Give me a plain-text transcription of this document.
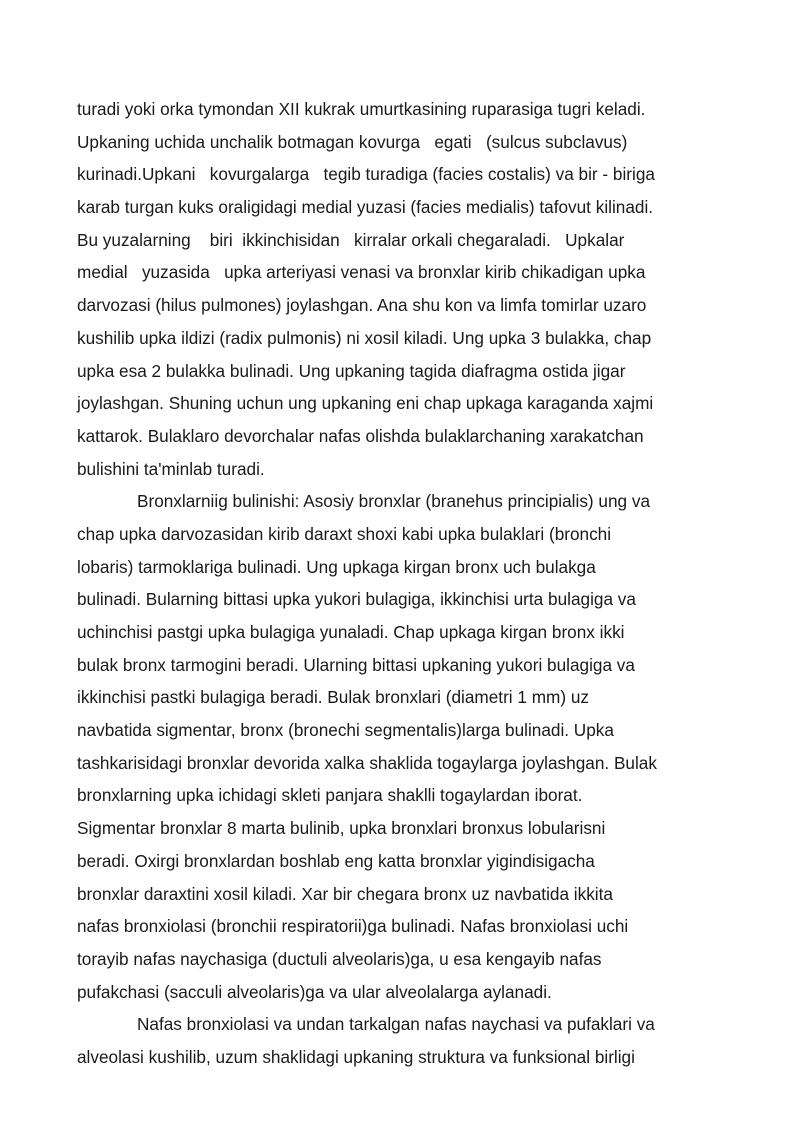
turadi yoki orka tymondan XII kukrak umurtkasining ruparasiga tugri keladi.
Upkaning uchida unchalik botmagan kovurga   egati   (sulcus subclavus)
kurinadi.Upkani   kovurgalarga   tegib turadiga (facies costalis) va bir - biriga
karab turgan kuks oraligidagi medial yuzasi (facies medialis) tafovut kilinadi.
Bu yuzalarning    biri  ikkinchisidan   kirralar orkali chegaraladi.   Upkalar
medial   yuzasida   upka arteriyasi venasi va bronxlar kirib chikadigan upka
darvozasi (hilus pulmones) joylashgan. Ana shu kon va limfa tomirlar uzaro
kushilib upka ildizi (radix pulmonis) ni xosil kiladi. Ung upka 3 bulakka, chap
upka esa 2 bulakka bulinadi. Ung upkaning tagida diafragma ostida jigar
joylashgan. Shuning uchun ung upkaning eni chap upkaga karaganda xajmi
kattarok. Bulaklaro devorchalar nafas olishda bulaklarchaning xarakatchan
bulishini ta'minlab turadi.
Bronxlarniig bulinishi: Asosiy bronxlar (branehus principialis) ung va
chap upka darvozasidan kirib daraxt shoxi kabi upka bulaklari (bronchi
lobaris) tarmoklariga bulinadi. Ung upkaga kirgan bronx uch bulakga
bulinadi. Bularning bittasi upka yukori bulagiga, ikkinchisi urta bulagiga va
uchinchisi pastgi upka bulagiga yunaladi. Chap upkaga kirgan bronx ikki
bulak bronx tarmogini beradi. Ularning bittasi upkaning yukori bulagiga va
ikkinchisi pastki bulagiga beradi. Bulak bronxlari (diametri 1 mm) uz
navbatida sigmentar, bronx (bronechi segmentalis)larga bulinadi. Upka
tashkarisidagi bronxlar devorida xalka shaklida togaylarga joylashgan. Bulak
bronxlarning upka ichidagi skleti panjara shaklli togaylardan iborat.
Sigmentar bronxlar 8 marta bulinib, upka bronxlari bronxus lobularisni
beradi. Oxirgi bronxlardan boshlab eng katta bronxlar yigindisigacha
bronxlar daraxtini xosil kiladi. Xar bir chegara bronx uz navbatida ikkita
nafas bronxiolasi (bronchii respiratorii)ga bulinadi. Nafas bronxiolasi uchi
torayib nafas naychasiga (ductuli alveolaris)ga, u esa kengayib nafas
pufakchasi (sacculi alveolaris)ga va ular alveolalarga aylanadi.
Nafas bronxiolasi va undan tarkalgan nafas naychasi va pufaklari va
alveolasi kushilib, uzum shaklidagi upkaning struktura va funksional birligi
